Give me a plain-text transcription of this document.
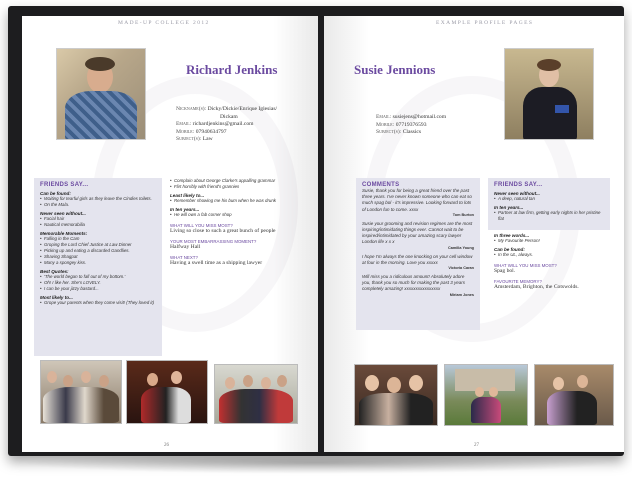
MADE-UP COLLEGE 2012
Richard Jenkins
Nickname(s): Dicky/Dickie/Enrique Iglesias/
Dickam
Email: richardjenkins@gmail.com
Mobile: 07940634797
Subject(s): Law
FRIENDS SAY...
Can be found:
• Waiting for tearful girls as they leave the Cindies toilets.
• On the Mala.
Never seen without...
• Facial hair
• Nautical memorabilia
Memorable Moments:
• Falling in the Cam
• Groping the Lord Chief Justice at Law Dinner
• Picking up and eating a discarded Gandlies.
• Shaving Shagpat
• Many a spongey kiss.
Best Quotes:
• 'The world began to fall out of my bottom.'
• Oh! I like her. She's LOVELY.
• I can be your jizzy bastard...
Most likely to...
• Grope your parents when they come visit! (They loved it)
• Complain about George Clarke's appalling grammar
• Flirt horribly with friend's grannies
Least likely to...
• Remember showing me his bum when he was drunk
In ten years...
• He will own a fab corner shop
WHAT WILL YOU MISS MOST?
Living so close to such a great bunch of people
YOUR MOST EMBARRASSING MOMENT?
Halfway Hall
WHAT NEXT?
Having a swell time as a shipping lawyer
26
EXAMPLE PROFILE PAGES
Susie Jennions
Email: susiejens@hotmail.com
Mobile: 07719376593
Subject(s): Classics
COMMENTS
Susie, thank you for being a great friend over the past three years. I've never known someone who can eat so much spag bol - it's impressive. Looking forward to lots of London fun to come. xxxx
Tom Burton
Susie your grooming and revision regimes are the most inspiring/intimidating things ever. Cannot wait to be inspired/intimidated by your amazing scary lawyer London life x x x
Camilla Young
I hope I'm always the one knocking on your cell window at four in the morning. Love you xxxxx
Victoria Caran
Will miss you a ridiculous amount! Absolutely adore you, thank you so much for making the past 3 years completely amazing! xxxxxxxxxxxxxxxx
Miriam Jones
FRIENDS SAY...
Never seen without...
• A deep, natural tan
In ten years...
• Partner at law firm, getting early nights in her pristine flat
In three words...
• My Favourite Person!
Can be found:
• In the UL, always.
WHAT WILL YOU MISS MOST?
Spag bol.
FAVOURITE MEMORY?
Amsterdam, Brighton, the Cotswolds.
27
